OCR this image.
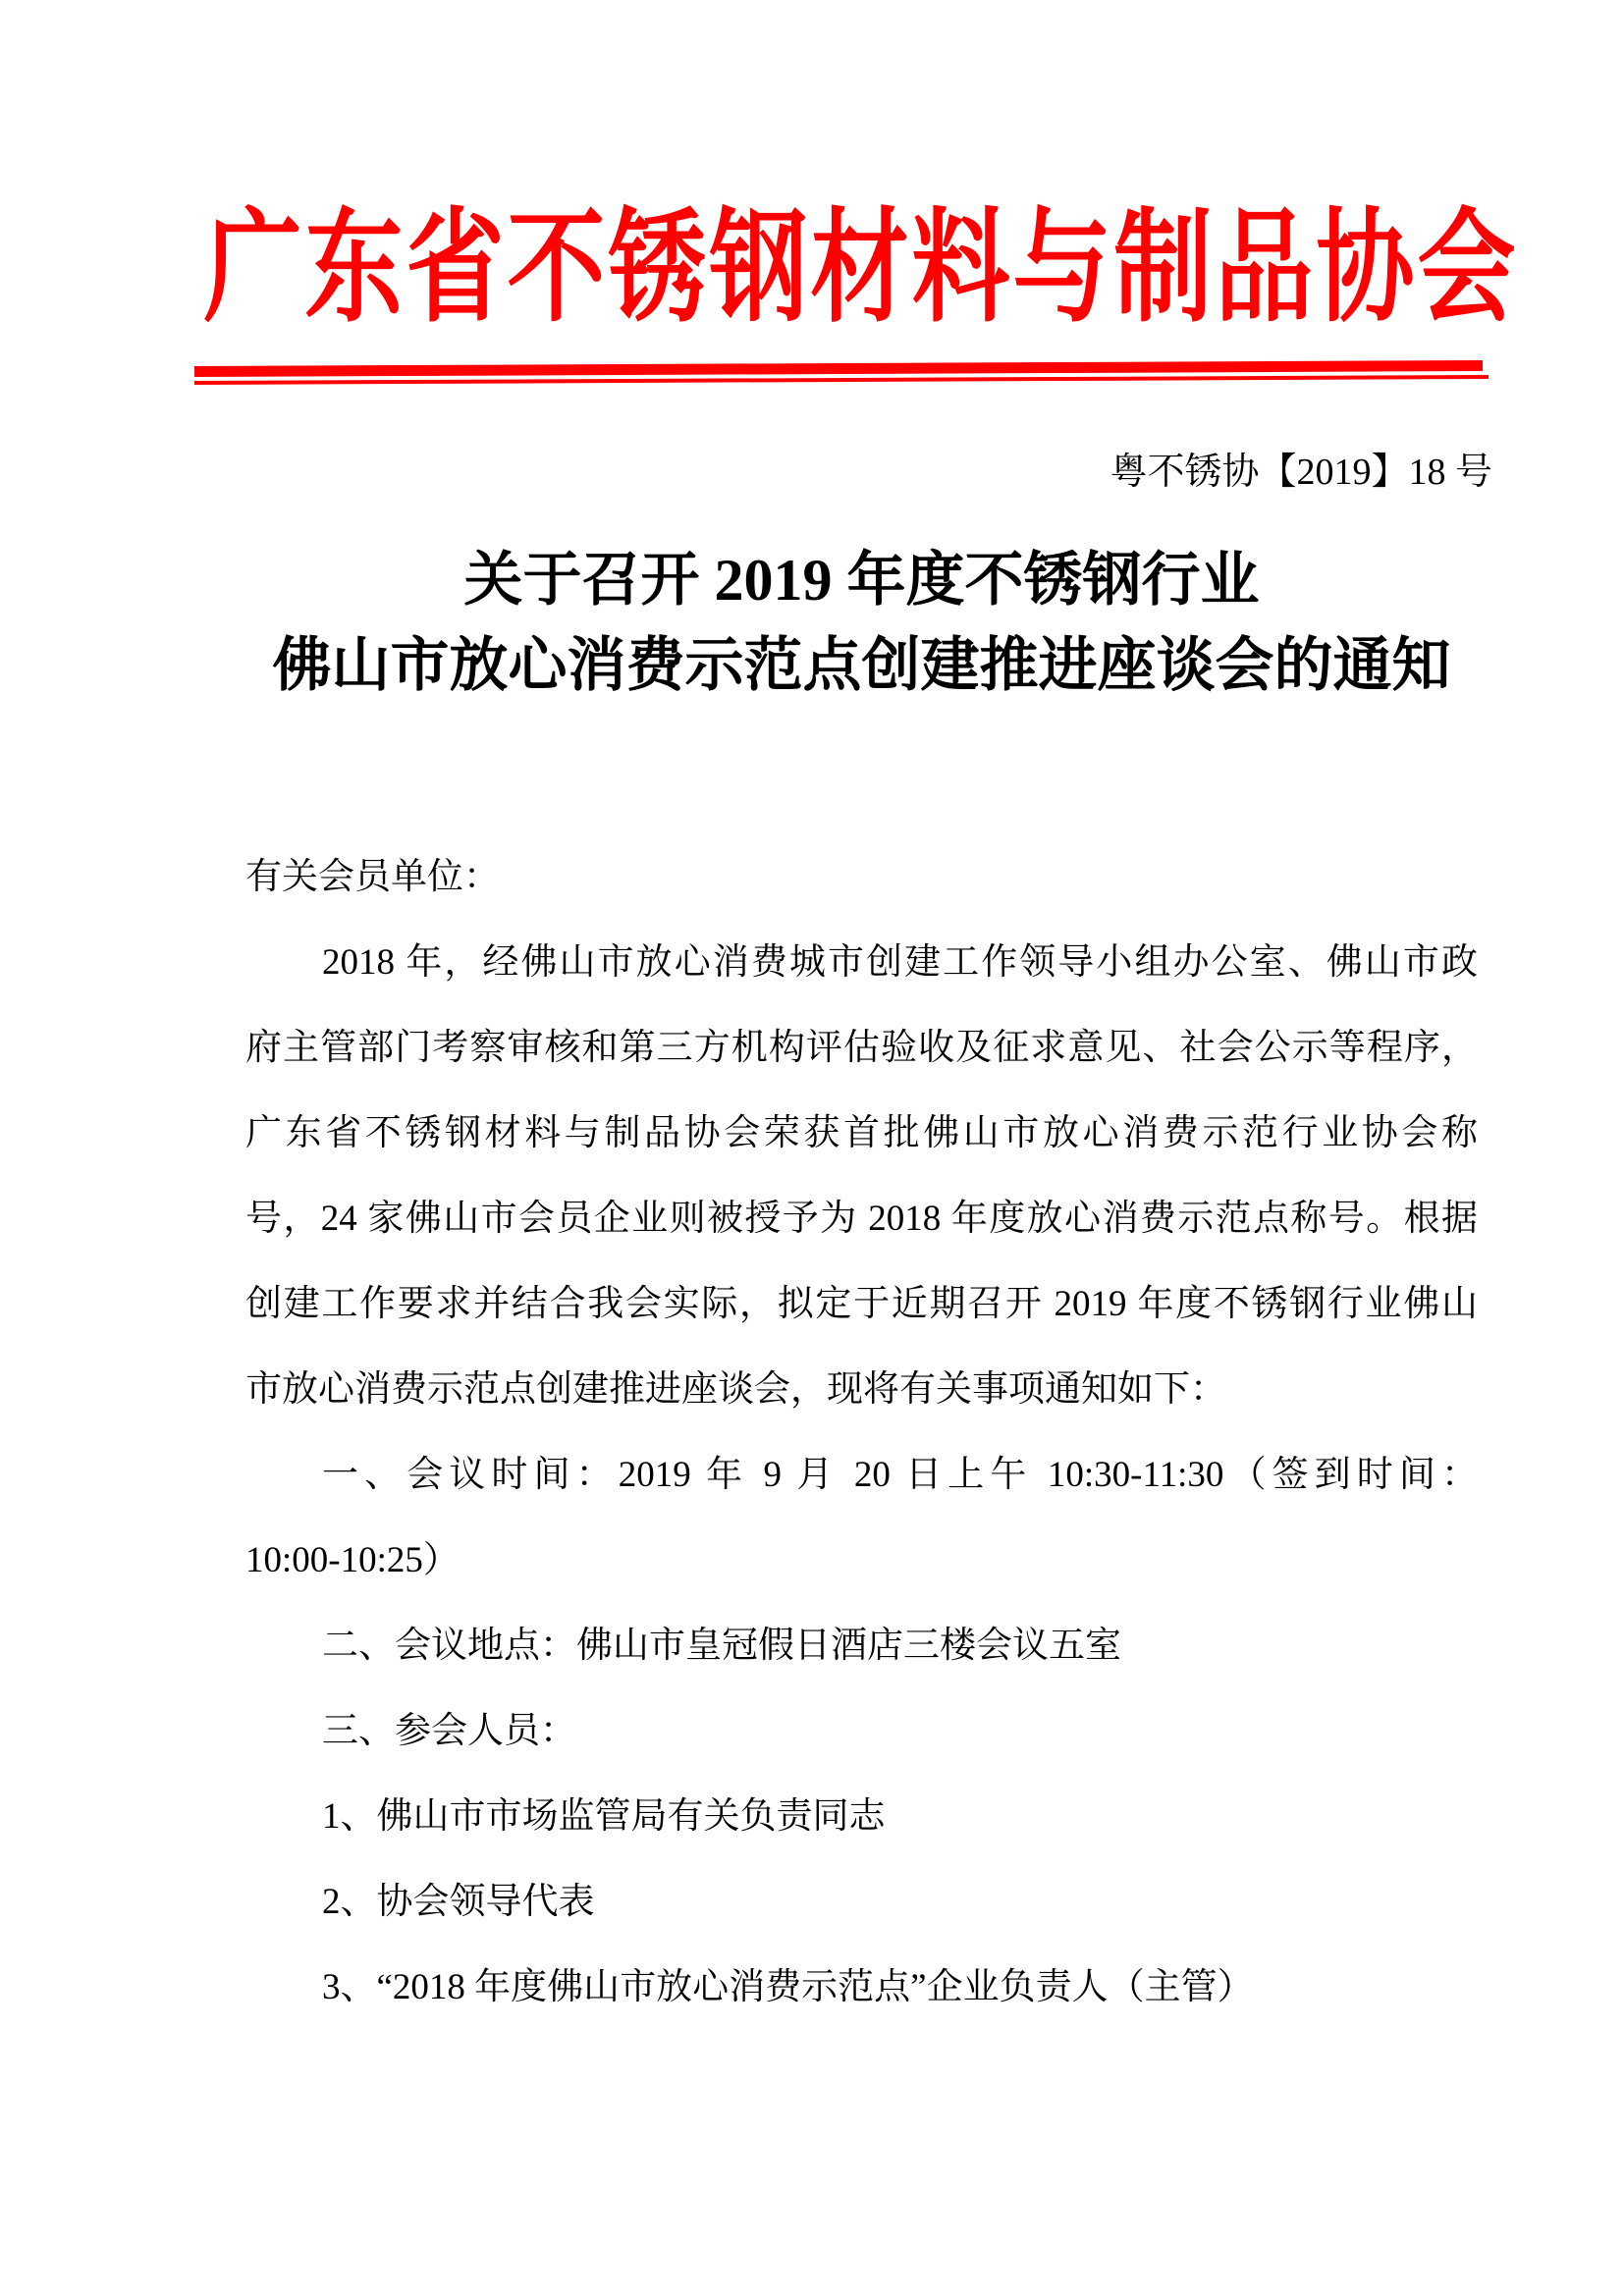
广东省不锈钢材料与制品协会
粤不锈协【2019】18 号
关于召开 2019 年度不锈钢行业
佛山市放心消费示范点创建推进座谈会的通知
有关会员单位：
2018 年，经佛山市放心消费城市创建工作领导小组办公室、佛山市政
府主管部门考察审核和第三方机构评估验收及征求意见、社会公示等程序，
广东省不锈钢材料与制品协会荣获首批佛山市放心消费示范行业协会称
号，24 家佛山市会员企业则被授予为 2018 年度放心消费示范点称号。根据
创建工作要求并结合我会实际，拟定于近期召开 2019 年度不锈钢行业佛山
市放心消费示范点创建推进座谈会，现将有关事项通知如下：
一、会议时间：2019 年 9 月 20 日上午 10:30-11:30（签到时间：
10:00-10:25）
二、会议地点：佛山市皇冠假日酒店三楼会议五室
三、参会人员：
1、佛山市市场监管局有关负责同志
2、协会领导代表
3、“2018 年度佛山市放心消费示范点”企业负责人（主管）
